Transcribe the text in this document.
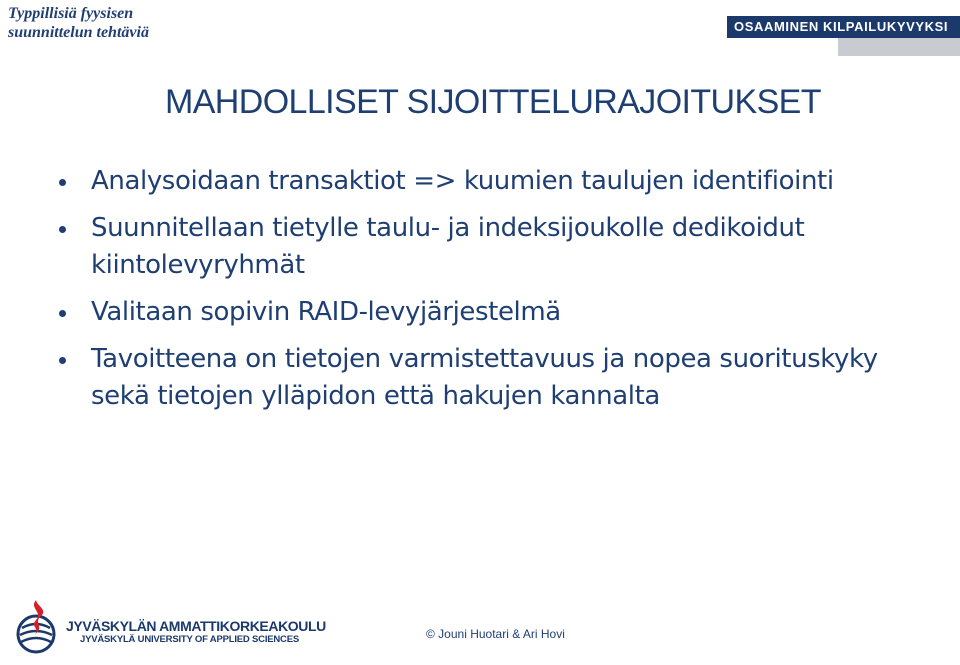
Typpillisiä fyysisen
suunnittelun tehtäviä	OSAAMINEN KILPAILUKYVYKSI
MAHDOLLISET SIJOITTELURAJOITUKSET
Analysoidaan transaktiot => kuumien taulujen identifiointi
Suunnitellaan tietylle taulu- ja indeksijoukolle dedikoidut kiintolevyryhmät
Valitaan sopivin RAID-levyjärjestelmä
Tavoitteena on tietojen varmistettavuus ja nopea suorituskyky sekä tietojen ylläpidon että hakujen kannalta
JYVÄSKYLÄN AMMATTIKORKEAKOULU
JYVÄSKYLÄ UNIVERSITY OF APPLIED SCIENCES	© Jouni Huotari & Ari Hovi
